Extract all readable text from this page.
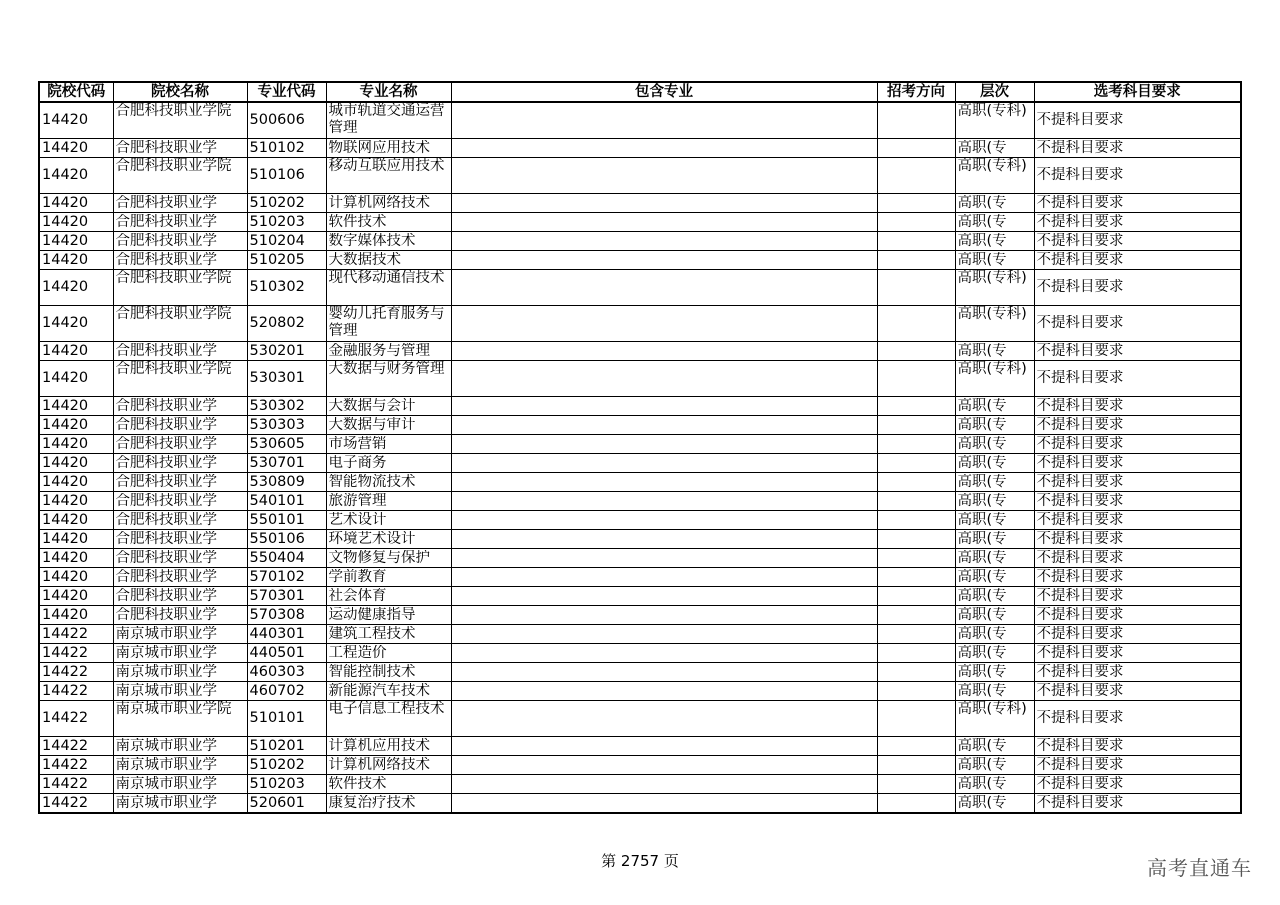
院校代码	院校名称	专业代码	专业名称	包含专业	招考方向	层次	选考科目要求

14420	合肥科技职业学院	500606	城市轨道交通运营管理			高职(专科)	不提科目要求

14420	合肥科技职业学	510102	物联网应用技术			高职(专	不提科目要求

14420	合肥科技职业学院	510106	移动互联应用技术			高职(专科)	不提科目要求

14420	合肥科技职业学	510202	计算机网络技术			高职(专	不提科目要求

14420	合肥科技职业学	510203	软件技术			高职(专	不提科目要求

14420	合肥科技职业学	510204	数字媒体技术			高职(专	不提科目要求

14420	合肥科技职业学	510205	大数据技术			高职(专	不提科目要求

14420	合肥科技职业学院	510302	现代移动通信技术			高职(专科)	不提科目要求

14420	合肥科技职业学院	520802	婴幼儿托育服务与管理			高职(专科)	不提科目要求

14420	合肥科技职业学	530201	金融服务与管理			高职(专	不提科目要求

14420	合肥科技职业学院	530301	大数据与财务管理			高职(专科)	不提科目要求

14420	合肥科技职业学	530302	大数据与会计			高职(专	不提科目要求

14420	合肥科技职业学	530303	大数据与审计			高职(专	不提科目要求

14420	合肥科技职业学	530605	市场营销			高职(专	不提科目要求

14420	合肥科技职业学	530701	电子商务			高职(专	不提科目要求

14420	合肥科技职业学	530809	智能物流技术			高职(专	不提科目要求

14420	合肥科技职业学	540101	旅游管理			高职(专	不提科目要求

14420	合肥科技职业学	550101	艺术设计			高职(专	不提科目要求

14420	合肥科技职业学	550106	环境艺术设计			高职(专	不提科目要求

14420	合肥科技职业学	550404	文物修复与保护			高职(专	不提科目要求

14420	合肥科技职业学	570102	学前教育			高职(专	不提科目要求

14420	合肥科技职业学	570301	社会体育			高职(专	不提科目要求

14420	合肥科技职业学	570308	运动健康指导			高职(专	不提科目要求

14422	南京城市职业学	440301	建筑工程技术			高职(专	不提科目要求

14422	南京城市职业学	440501	工程造价			高职(专	不提科目要求

14422	南京城市职业学	460303	智能控制技术			高职(专	不提科目要求

14422	南京城市职业学	460702	新能源汽车技术			高职(专	不提科目要求

14422	南京城市职业学院	510101	电子信息工程技术			高职(专科)	不提科目要求

14422	南京城市职业学	510201	计算机应用技术			高职(专	不提科目要求

14422	南京城市职业学	510202	计算机网络技术			高职(专	不提科目要求

14422	南京城市职业学	510203	软件技术			高职(专	不提科目要求

14422	南京城市职业学	520601	康复治疗技术			高职(专	不提科目要求
第 2757 页	高考直通车
